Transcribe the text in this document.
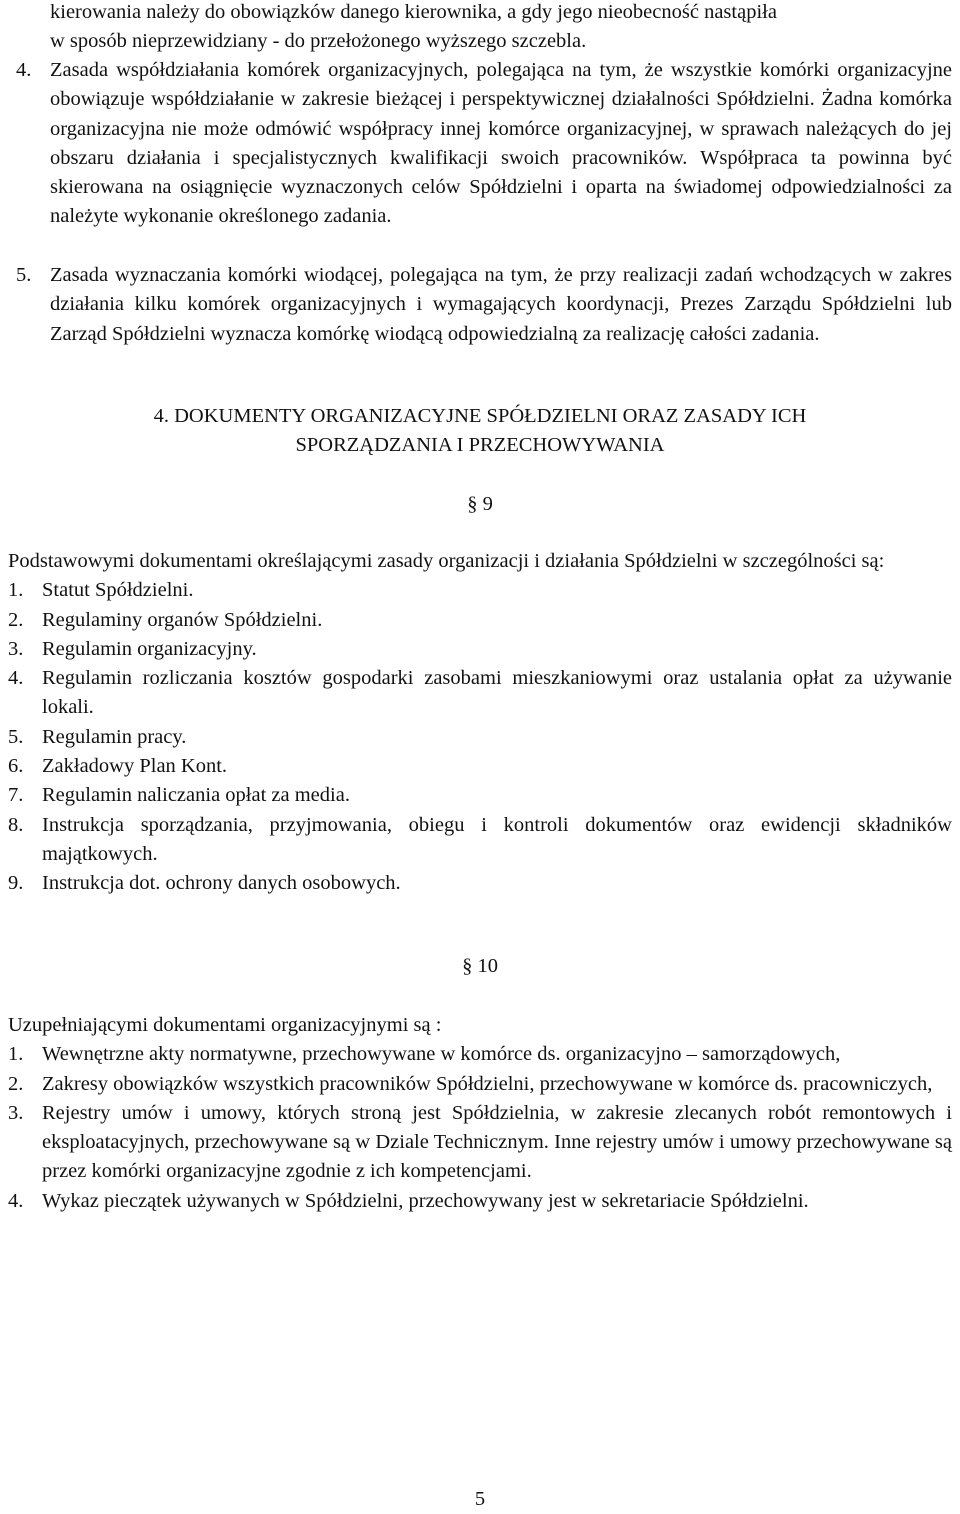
kierowania należy do obowiązków danego kierownika, a gdy jego nieobecność nastąpiła
w sposób nieprzewidziany - do przełożonego wyższego szczebla.
4. Zasada współdziałania komórek organizacyjnych, polegająca na tym, że wszystkie komórki organizacyjne obowiązuje współdziałanie w zakresie bieżącej i perspektywicznej działalności Spółdzielni. Żadna komórka organizacyjna nie może odmówić współpracy innej komórce organizacyjnej, w sprawach należących do jej obszaru działania i specjalistycznych kwalifikacji swoich pracowników. Współpraca ta powinna być skierowana na osiągnięcie wyznaczonych celów Spółdzielni i oparta na świadomej odpowiedzialności za należyte wykonanie określonego zadania.
5. Zasada wyznaczania komórki wiodącej, polegająca na tym, że przy realizacji zadań wchodzących w zakres działania kilku komórek organizacyjnych i wymagających koordynacji, Prezes Zarządu Spółdzielni lub Zarząd Spółdzielni wyznacza komórkę wiodącą odpowiedzialną za realizację całości zadania.
4. DOKUMENTY ORGANIZACYJNE SPÓŁDZIELNI ORAZ ZASADY ICH
SPORZĄDZANIA I PRZECHOWYWANIA
§ 9
Podstawowymi dokumentami określającymi zasady organizacji i działania Spółdzielni w szczególności są:
1. Statut Spółdzielni.
2. Regulaminy organów Spółdzielni.
3. Regulamin organizacyjny.
4. Regulamin rozliczania kosztów gospodarki zasobami mieszkaniowymi oraz ustalania opłat za używanie lokali.
5. Regulamin pracy.
6. Zakładowy Plan Kont.
7. Regulamin naliczania opłat za media.
8. Instrukcja sporządzania, przyjmowania, obiegu i kontroli dokumentów oraz ewidencji składników majątkowych.
9. Instrukcja dot. ochrony danych osobowych.
§ 10
Uzupełniającymi dokumentami organizacyjnymi są :
1. Wewnętrzne akty normatywne, przechowywane w komórce ds. organizacyjno – samorządowych,
2. Zakresy obowiązków wszystkich pracowników Spółdzielni, przechowywane w komórce ds. pracowniczych,
3. Rejestry umów i umowy, których stroną jest Spółdzielnia, w zakresie zlecanych robót remontowych i eksploatacyjnych, przechowywane są w Dziale Technicznym. Inne rejestry umów i umowy przechowywane są przez komórki organizacyjne zgodnie z ich kompetencjami.
4. Wykaz pieczątek używanych w Spółdzielni, przechowywany jest w sekretariacie Spółdzielni.
5
